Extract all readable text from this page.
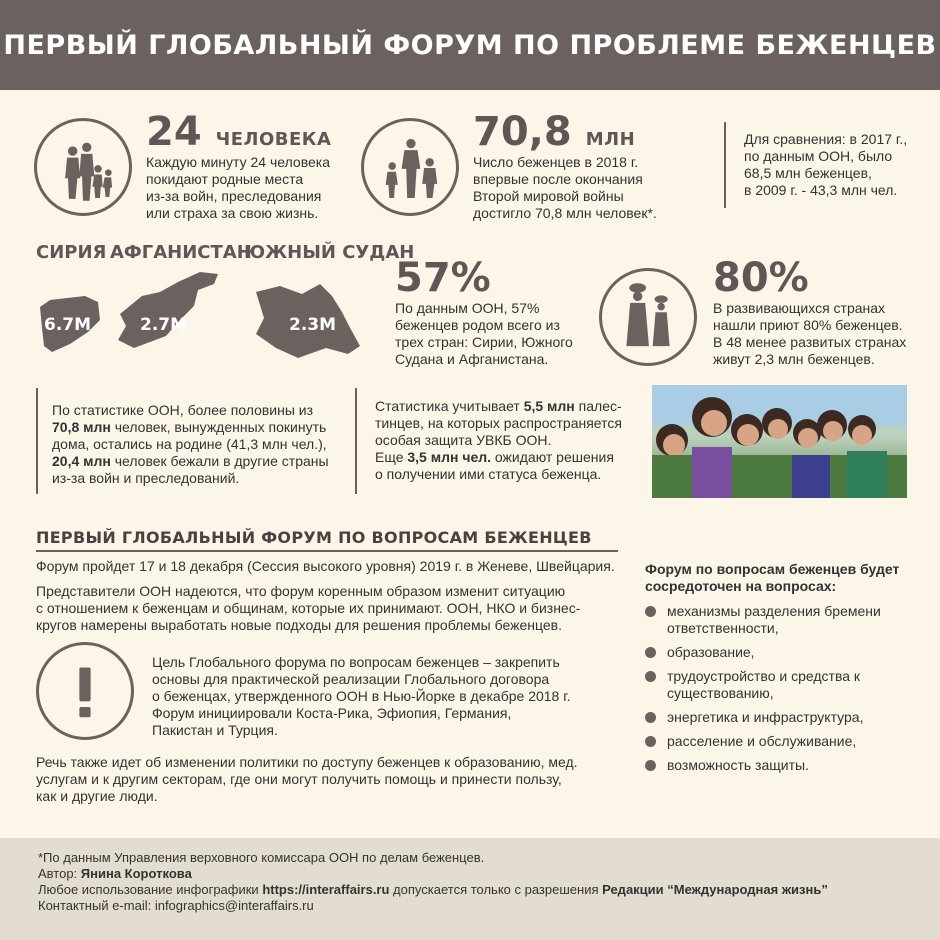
ПЕРВЫЙ ГЛОБАЛЬНЫЙ ФОРУМ ПО ПРОБЛЕМЕ БЕЖЕНЦЕВ
24 ЧЕЛОВЕКА
Каждую минуту 24 человека
покидают родные места
из-за войн, преследования
или страха за свою жизнь.
70,8 МЛН
Число беженцев в 2018 г.
впервые после окончания
Второй мировой войны
достигло 70,8 млн человек*.
Для сравнения: в 2017 г.,
по данным ООН, было
68,5 млн беженцев,
в 2009 г. - 43,3 млн чел.
СИРИЯ АФГАНИСТАН
ЮЖНЫЙ СУДАН
6.7M	2.7M	2.3M
57%
По данным ООН, 57%
беженцев родом всего из
трех стран: Сирии, Южного
Судана и Афганистана.
80%
В развивающихся странах
нашли приют 80% беженцев.
В 48 менее развитых странах
живут 2,3 млн беженцев.
По статистике ООН, более половины из
70,8 млн человек, вынужденных покинуть
дома, остались на родине (41,3 млн чел.),
20,4 млн человек бежали в другие страны
из-за войн и преследований.
Статистика учитывает 5,5 млн палес-
тинцев, на которых распространяется
особая защита УВКБ ООН.
Еще 3,5 млн чел. ожидают решения
о получении ими статуса беженца.
ПЕРВЫЙ ГЛОБАЛЬНЫЙ ФОРУМ ПО ВОПРОСАМ БЕЖЕНЦЕВ
Форум пройдет 17 и 18 декабря (Сессия высокого уровня) 2019 г. в Женеве, Швейцария.
Представители ООН надеются, что форум коренным образом изменит ситуацию
с отношением к беженцам и общинам, которые их принимают. ООН, НКО и бизнес-
кругов намерены выработать новые подходы для решения проблемы беженцев.
Цель Глобального форума по вопросам беженцев – закрепить
основы для практической реализации Глобального договора
о беженцах, утвержденного ООН в Нью-Йорке в декабре 2018 г.
Форум инициировали Коста-Рика, Эфиопия, Германия,
Пакистан и Турция.
Речь также идет об изменении политики по доступу беженцев к образованию, мед.
услугам и к другим секторам, где они могут получить помощь и принести пользу,
как и другие люди.
Форум по вопросам беженцев будет
сосредоточен на вопросах:
механизмы разделения бремени
ответственности,
образование,
трудоустройство и средства к
существованию,
энергетика и инфраструктура,
расселение и обслуживание,
возможность защиты.
*По данным Управления верховного комиссара ООН по делам беженцев.
Автор: Янина Короткова
Любое использование инфографики https://interaffairs.ru допускается только с разрешения Редакции “Международная жизнь”
Контактный e-mail: infographics@interaffairs.ru
